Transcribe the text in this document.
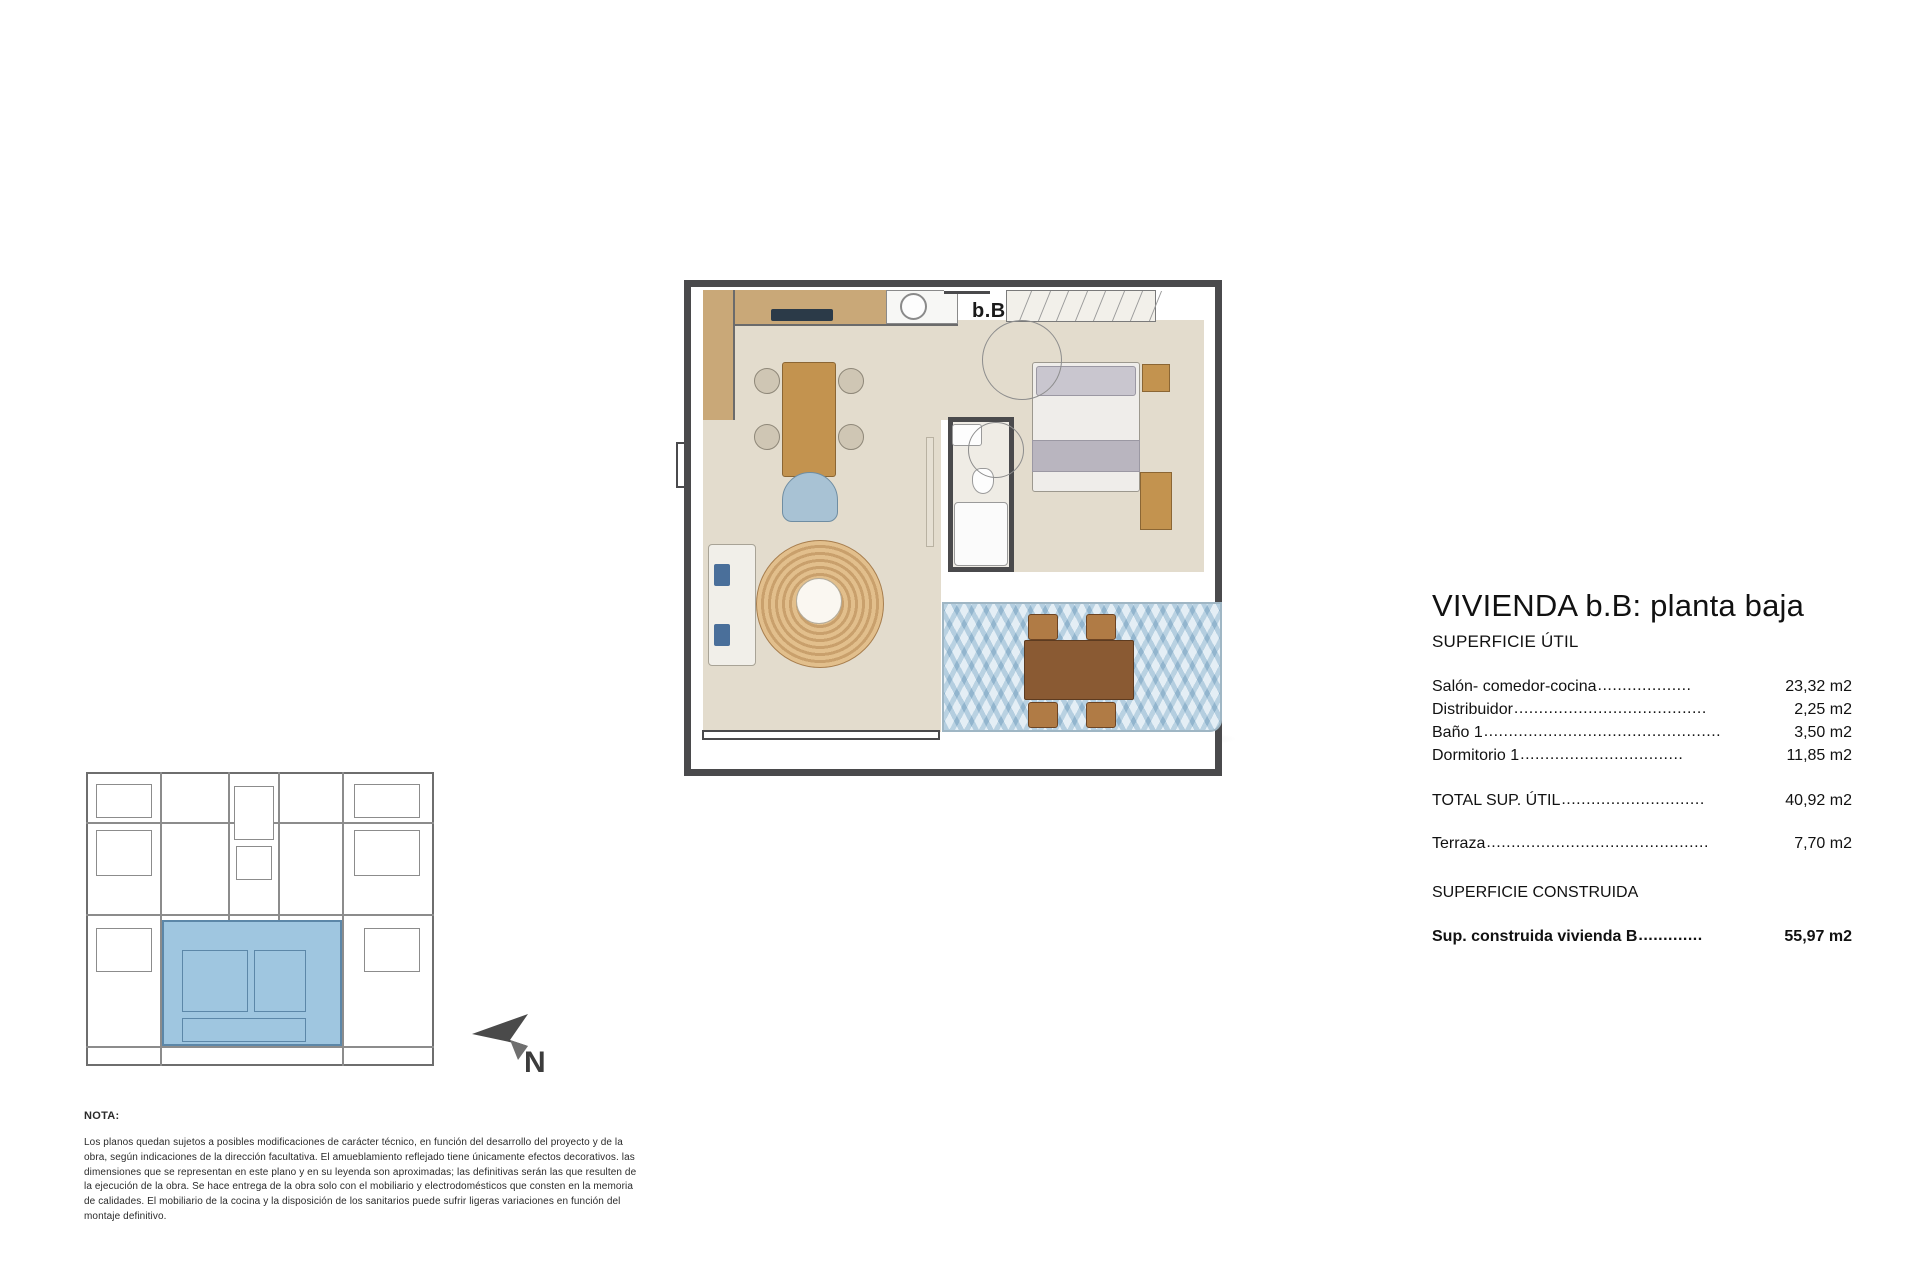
b.B
N
NOTA:
Los planos quedan sujetos a posibles modificaciones de carácter técnico, en función del desarrollo del proyecto y de la obra, según indicaciones de la dirección facultativa. El amueblamiento reflejado tiene únicamente efectos decorativos. las dimensiones que se representan en este plano y en su leyenda son aproximadas; las definitivas serán las que resulten de la ejecución de la obra. Se hace entrega de la obra solo con el mobiliario y electrodomésticos que consten en la memoria de calidades. El mobiliario de la cocina y la disposición de los sanitarios puede sufrir ligeras variaciones en función del montaje definitivo.
VIVIENDA b.B: planta baja
SUPERFICIE ÚTIL
Salón- comedor-cocina ...................	23,32 m2
Distribuidor .......................................	2,25 m2
Baño 1 ................................................	3,50 m2
Dormitorio 1 .................................	11,85 m2
TOTAL SUP. ÚTIL .............................	40,92 m2
Terraza .............................................	7,70 m2
SUPERFICIE CONSTRUIDA
Sup. construida vivienda B .............	55,97 m2
